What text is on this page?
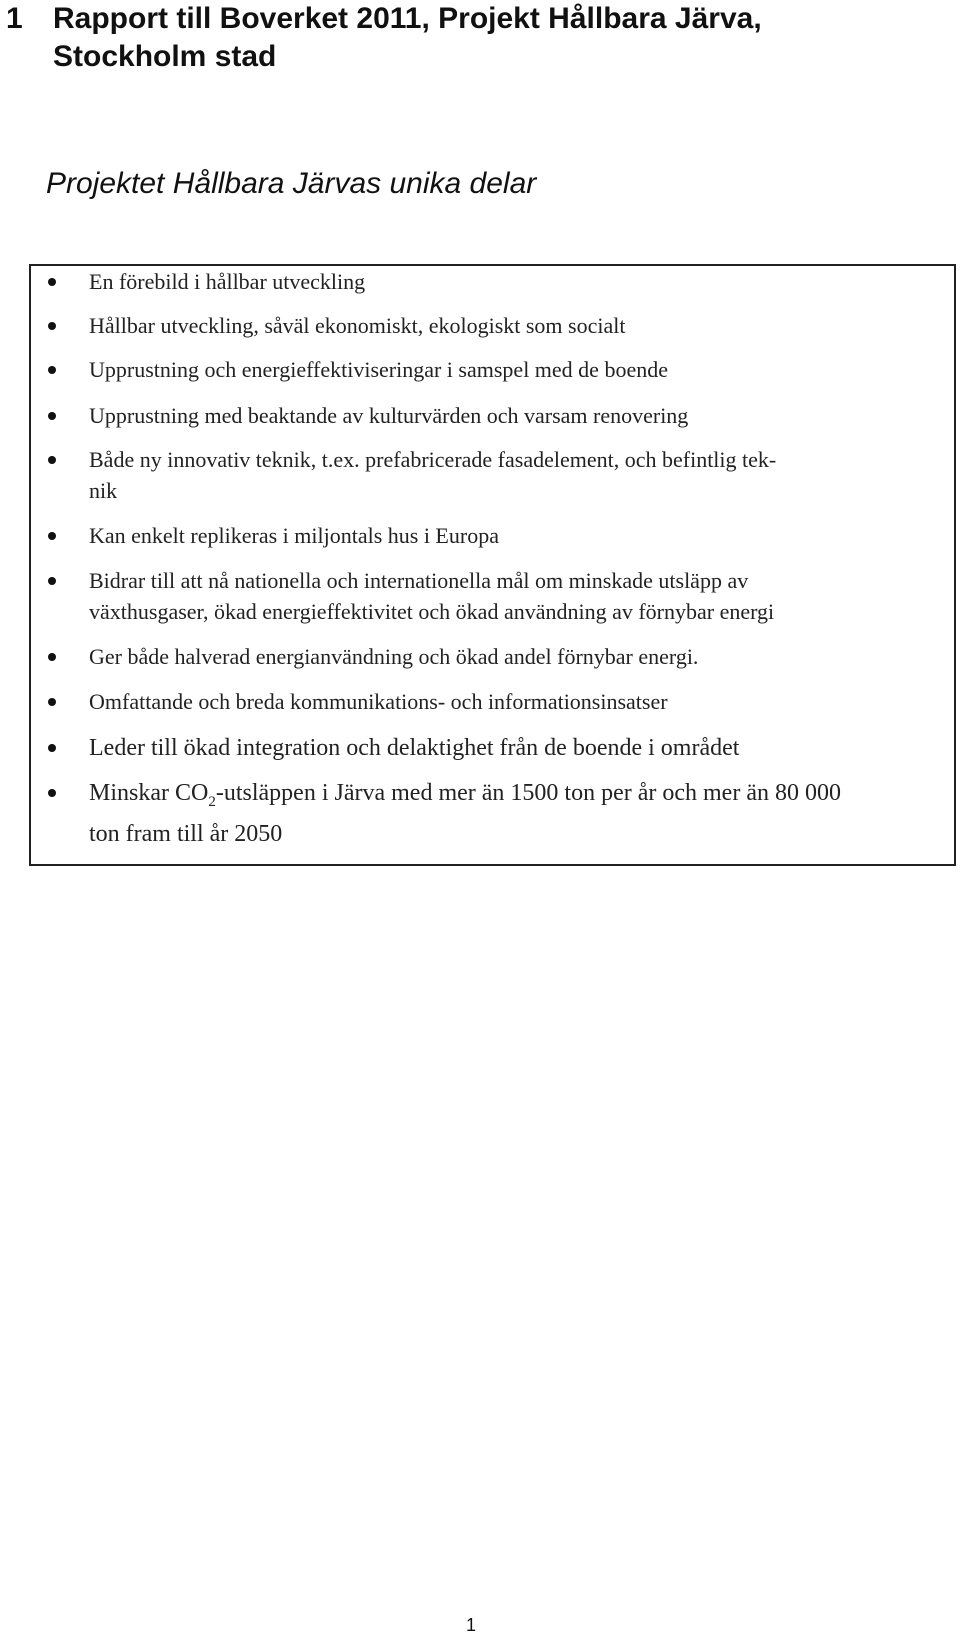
1 Rapport till Boverket 2011, Projekt Hållbara Järva,
Stockholm stad
Projektet Hållbara Järvas unika delar
En förebild i hållbar utveckling
Hållbar utveckling, såväl ekonomiskt, ekologiskt som socialt
Upprustning och energieffektiviseringar i samspel med de boende
Upprustning med beaktande av kulturvärden och varsam renovering
Både ny innovativ teknik, t.ex. prefabricerade fasadelement, och befintlig tek-
nik
Kan enkelt replikeras i miljontals hus i Europa
Bidrar till att nå nationella och internationella mål om minskade utsläpp av
växthusgaser, ökad energieffektivitet och ökad användning av förnybar energi
Ger både halverad energianvändning och ökad andel förnybar energi.
Omfattande och breda kommunikations- och informationsinsatser
Leder till ökad integration och delaktighet från de boende i området
Minskar $CO_2$-utsläppen i Järva med mer än 1500 ton per år och mer än 80 000
ton fram till år 2050
1
